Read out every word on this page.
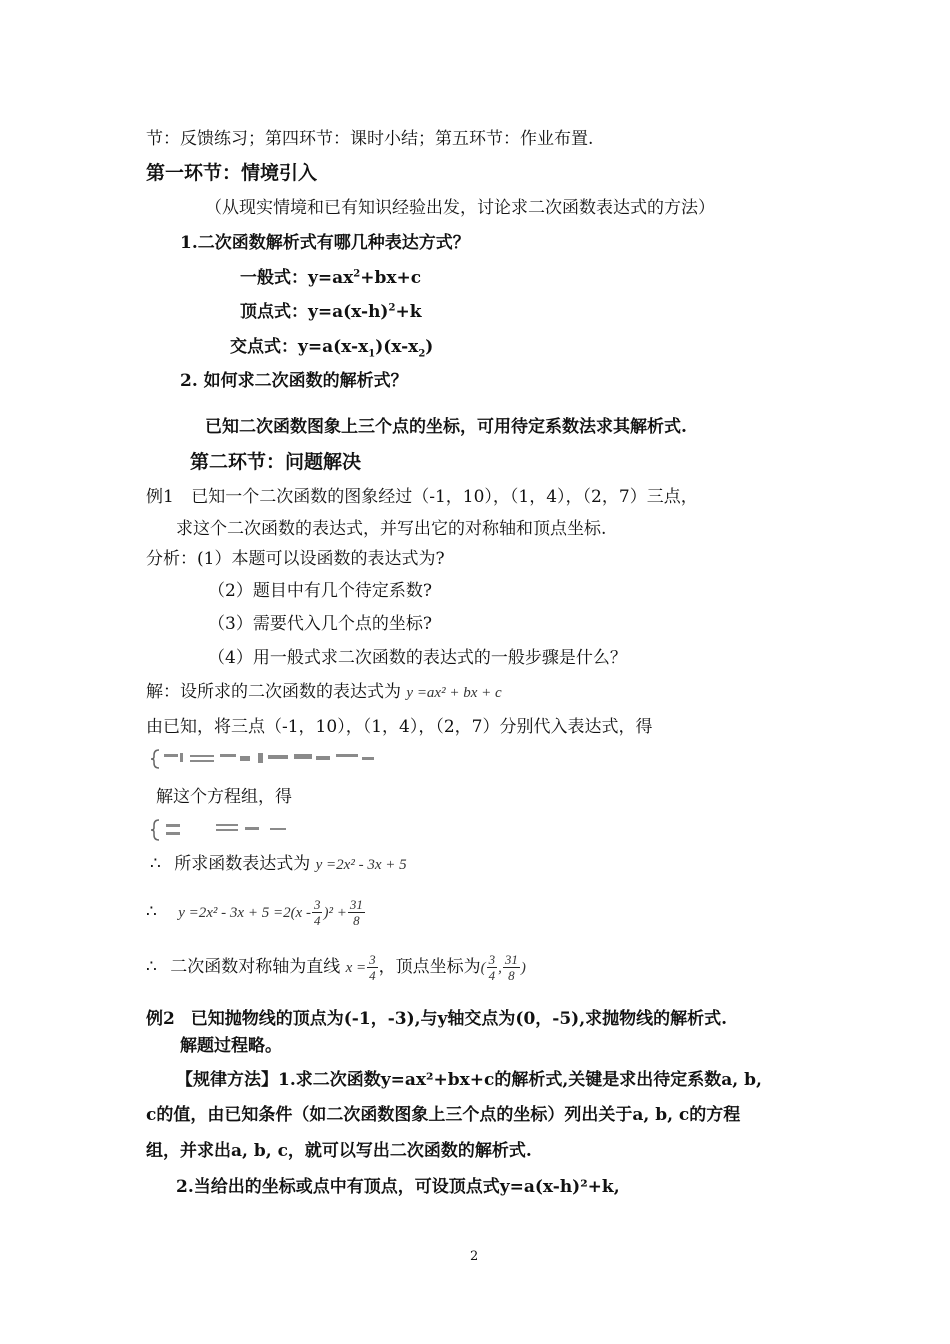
节：反馈练习；第四环节：课时小结；第五环节：作业布置.
第一环节：情境引入
（从现实情境和已有知识经验出发，讨论求二次函数表达式的方法）
1.二次函数解析式有哪几种表达方式？
一般式：$y=ax^2+bx+c$
顶点式：$y=a(x-h)^2+k$
交点式：$y=a(x-x_1)(x-x_2)$
2. 如何求二次函数的解析式？
已知二次函数图象上三个点的坐标，可用待定系数法求其解析式.
第二环节：问题解决
例1 已知一个二次函数的图象经过（-1，10），（1，4），（2，7）三点，
求这个二次函数的表达式，并写出它的对称轴和顶点坐标.
分析：(1）本题可以设函数的表达式为?
（2）题目中有几个待定系数?
（3）需要代入几个点的坐标?
（4）用一般式求二次函数的表达式的一般步骤是什么？
解：设所求的二次函数的表达式为 y =ax² + bx + c
由已知，将三点（-1，10），（1，4），（2，7）分别代入表达式，得
解这个方程组，得
∴ 所求函数表达式为 y =2x² - 3x + 5
∴ $y =2x^2 - 3x + 5 =2(x - \frac{3}{4} )^2 + \frac{31}{8}$
∴ 二次函数对称轴为直线 $x = \frac{3}{4}$ ，顶点坐标为( $\frac{3}{4}$ , $\frac{31}{8}$ )
例2 已知抛物线的顶点为(-1，-3),与y轴交点为(0，-5),求抛物线的解析式.
解题过程略。
【规律方法】1.求二次函数y=ax²+bx+c的解析式,关键是求出待定系数a, b,
c的值，由已知条件（如二次函数图象上三个点的坐标）列出关于a, b, c的方程
组，并求出a, b, c，就可以写出二次函数的解析式.
2.当给出的坐标或点中有顶点，可设顶点式y=a(x-h)²+k,
2
